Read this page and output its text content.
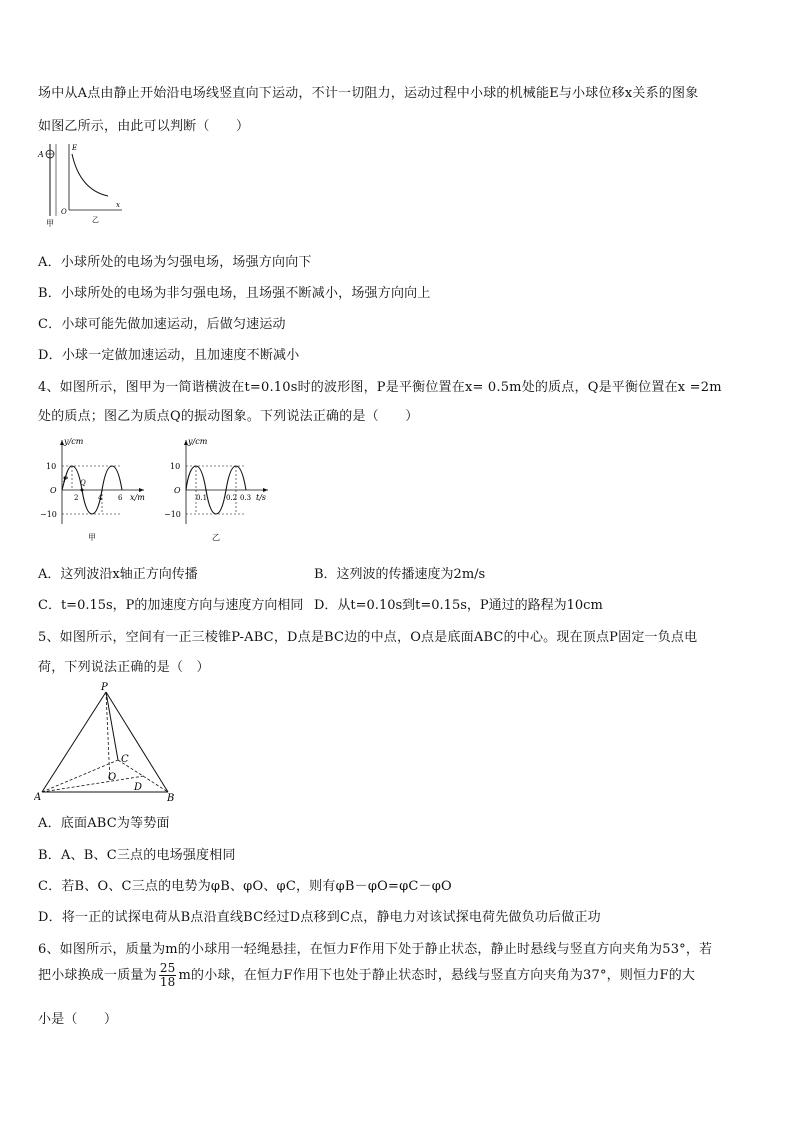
场中从A点由静止开始沿电场线竖直向下运动，不计一切阻力，运动过程中小球的机械能E与小球位移x关系的图象
如图乙所示，由此可以判断（　　）
A
甲
E
O
x
乙
A．小球所处的电场为匀强电场，场强方向向下
B．小球所处的电场为非匀强电场，且场强不断减小，场强方向向上
C．小球可能先做加速运动，后做匀速运动
D．小球一定做加速运动，且加速度不断减小
4、如图所示，图甲为一简谐横波在t=0.10s时的波形图，P是平衡位置在x= 0.5m处的质点，Q是平衡位置在x =2m
处的质点；图乙为质点Q的振动图象。下列说法正确的是（　　）
y/cm
x/m
10
−10
O
P Q
2	4 6
甲
y/cm
t/s
10
−10
O
0.1	0.2 0.3
乙
A．这列波沿x轴正方向传播	B．这列波的传播速度为2m/s
C．t=0.15s，P的加速度方向与速度方向相同 D．从t=0.10s到t=0.15s，P通过的路程为10cm
5、如图所示，空间有一正三棱锥P-ABC，D点是BC边的中点，O点是底面ABC的中心。现在顶点P固定一负点电
荷，下列说法正确的是（　）
P
A	B
C
O
D
A．底面ABC为等势面
B．A、B、C三点的电场强度相同
C．若B、O、C三点的电势为φB、φO、φC，则有φB－φO=φC－φO
D．将一正的试探电荷从B点沿直线BC经过D点移到C点，静电力对该试探电荷先做负功后做正功
6、如图所示，质量为m的小球用一轻绳悬挂，在恒力F作用下处于静止状态，静止时悬线与竖直方向夹角为53°，若
把小球换成一质量为 $\frac{25}{18}$ m的小球，在恒力F作用下也处于静止状态时，悬线与竖直方向夹角为37°，则恒力F的大
小是（　　）
